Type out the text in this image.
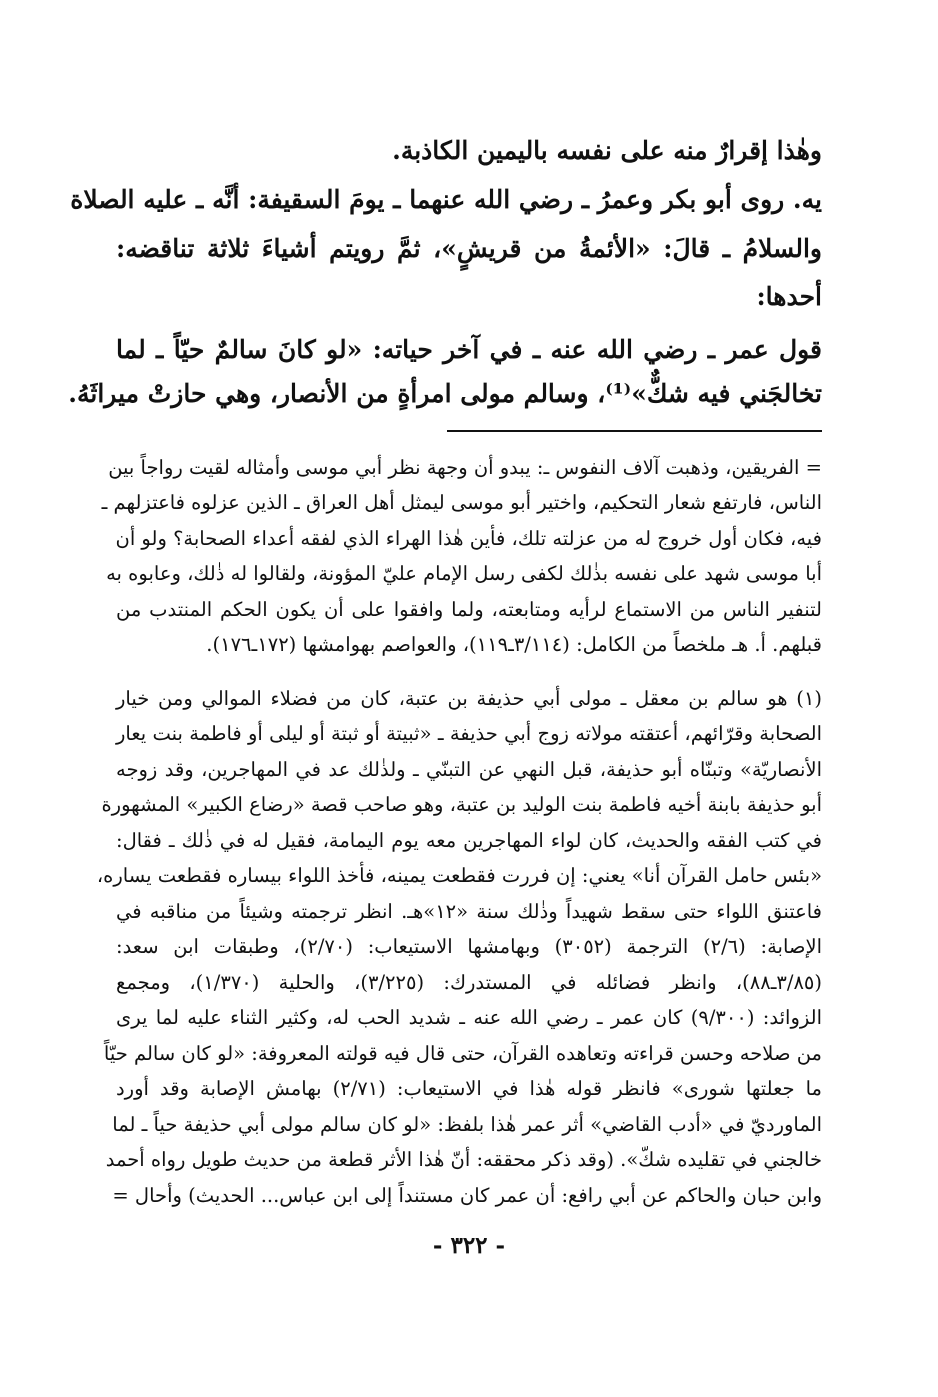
وهٰذا إقرارٌ منه على نفسه باليمين الكاذبة.
يه. روى أبو بكر وعمرُ ـ رضي الله عنهما ـ يومَ السقيفة: أنَّه ـ عليه الصلاة
والسلامُ ـ قالَ: «الأئمةُ من قريشٍ»، ثمَّ رويتم أشياءَ ثلاثة تناقضه:
أحدها:
قول عمر ـ رضي الله عنه ـ في آخر حياته: «لو كانَ سالمٌ حيّاً ـ لما
تخالجَني فيه شكٌّ»⁽¹⁾، وسالم مولى امرأةٍ من الأنصار، وهي حازتْ ميراثَهُ.
= الفريقين، وذهبت آلاف النفوس ـ: يبدو أن وجهة نظر أبي موسى وأمثاله لقيت رواجاً بين
الناس، فارتفع شعار التحكيم، واختير أبو موسى ليمثل أهل العراق ـ الذين عزلوه فاعتزلهم ـ
فيه، فكان أول خروج له من عزلته تلك، فأين هٰذا الهراء الذي لفقه أعداء الصحابة؟ ولو أن
أبا موسى شهد على نفسه بذٰلك لكفى رسل الإمام عليّ المؤونة، ولقالوا له ذٰلك، وعابوه به
لتنفير الناس من الاستماع لرأيه ومتابعته، ولما وافقوا على أن يكون الحكم المنتدب من
قبلهم. أ. هـ ملخصاً من الكامل: (٣/١١٤ـ١١٩)، والعواصم بهوامشها (١٧٢ـ١٧٦).
(١) هو سالم بن معقل ـ مولى أبي حذيفة بن عتبة، كان من فضلاء الموالي ومن خيار
الصحابة وقرّائهم، أعتقته مولاته زوج أبي حذيفة ـ «ثبيتة أو ثبتة أو ليلى أو فاطمة بنت يعار
الأنصاريّة» وتبنّاه أبو حذيفة، قبل النهي عن التبنّي ـ ولذٰلك عد في المهاجرين، وقد زوجه
أبو حذيفة بابنة أخيه فاطمة بنت الوليد بن عتبة، وهو صاحب قصة «رضاع الكبير» المشهورة
في كتب الفقه والحديث، كان لواء المهاجرين معه يوم اليمامة، فقيل له في ذٰلك ـ فقال:
«بئس حامل القرآن أنا» يعني: إن فررت فقطعت يمينه، فأخذ اللواء بيساره فقطعت يساره،
فاعتنق اللواء حتى سقط شهيداً وذٰلك سنة «١٢»هـ. انظر ترجمته وشيئاً من مناقبه في
الإصابة: (٢/٦) الترجمة (٣٠٥٢) وبهامشها الاستيعاب: (٢/٧٠)، وطبقات ابن سعد:
(٣/٨٥ـ٨٨)، وانظر فضائله في المستدرك: (٣/٢٢٥)، والحلية (١/٣٧٠)، ومجمع
الزوائد: (٩/٣٠٠) كان عمر ـ رضي الله عنه ـ شديد الحب له، وكثير الثناء عليه لما يرى
من صلاحه وحسن قراءته وتعاهده القرآن، حتى قال فيه قولته المعروفة: «لو كان سالم حيّاً
ما جعلتها شورى» فانظر قوله هٰذا في الاستيعاب: (٢/٧١) بهامش الإصابة وقد أورد
الماورديّ في «أدب القاضي» أثر عمر هٰذا بلفظ: «لو كان سالم مولى أبي حذيفة حياً ـ لما
خالجني في تقليده شكّ». (وقد ذكر محققه: أنّ هٰذا الأثر قطعة من حديث طويل رواه أحمد
وابن حبان والحاكم عن أبي رافع: أن عمر كان مستنداً إلى ابن عباس... الحديث) وأحال =
- ٣٢٢ -
